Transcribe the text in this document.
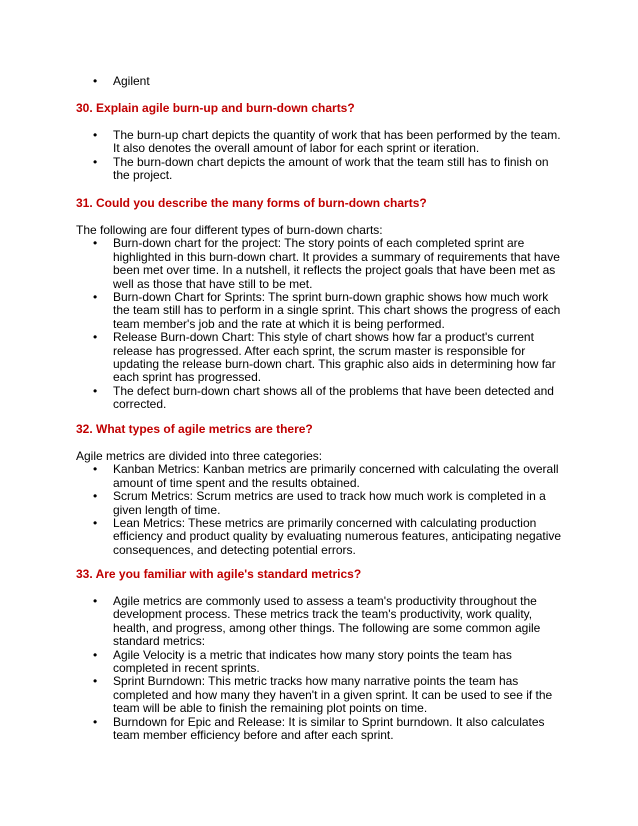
• Agilent
30. Explain agile burn-up and burn-down charts?
• The burn-up chart depicts the quantity of work that has been performed by the team. It also denotes the overall amount of labor for each sprint or iteration.
• The burn-down chart depicts the amount of work that the team still has to finish on the project.
31. Could you describe the many forms of burn-down charts?
The following are four different types of burn-down charts:
• Burn-down chart for the project: The story points of each completed sprint are highlighted in this burn-down chart. It provides a summary of requirements that have been met over time. In a nutshell, it reflects the project goals that have been met as well as those that have still to be met.
• Burn-down Chart for Sprints: The sprint burn-down graphic shows how much work the team still has to perform in a single sprint. This chart shows the progress of each team member's job and the rate at which it is being performed.
• Release Burn-down Chart: This style of chart shows how far a product's current release has progressed. After each sprint, the scrum master is responsible for updating the release burn-down chart. This graphic also aids in determining how far each sprint has progressed.
• The defect burn-down chart shows all of the problems that have been detected and corrected.
32. What types of agile metrics are there?
Agile metrics are divided into three categories:
• Kanban Metrics: Kanban metrics are primarily concerned with calculating the overall amount of time spent and the results obtained.
• Scrum Metrics: Scrum metrics are used to track how much work is completed in a given length of time.
• Lean Metrics: These metrics are primarily concerned with calculating production efficiency and product quality by evaluating numerous features, anticipating negative consequences, and detecting potential errors.
33. Are you familiar with agile's standard metrics?
• Agile metrics are commonly used to assess a team's productivity throughout the development process. These metrics track the team's productivity, work quality, health, and progress, among other things. The following are some common agile standard metrics:
• Agile Velocity is a metric that indicates how many story points the team has completed in recent sprints.
• Sprint Burndown: This metric tracks how many narrative points the team has completed and how many they haven't in a given sprint. It can be used to see if the team will be able to finish the remaining plot points on time.
• Burndown for Epic and Release: It is similar to Sprint burndown. It also calculates team member efficiency before and after each sprint.
